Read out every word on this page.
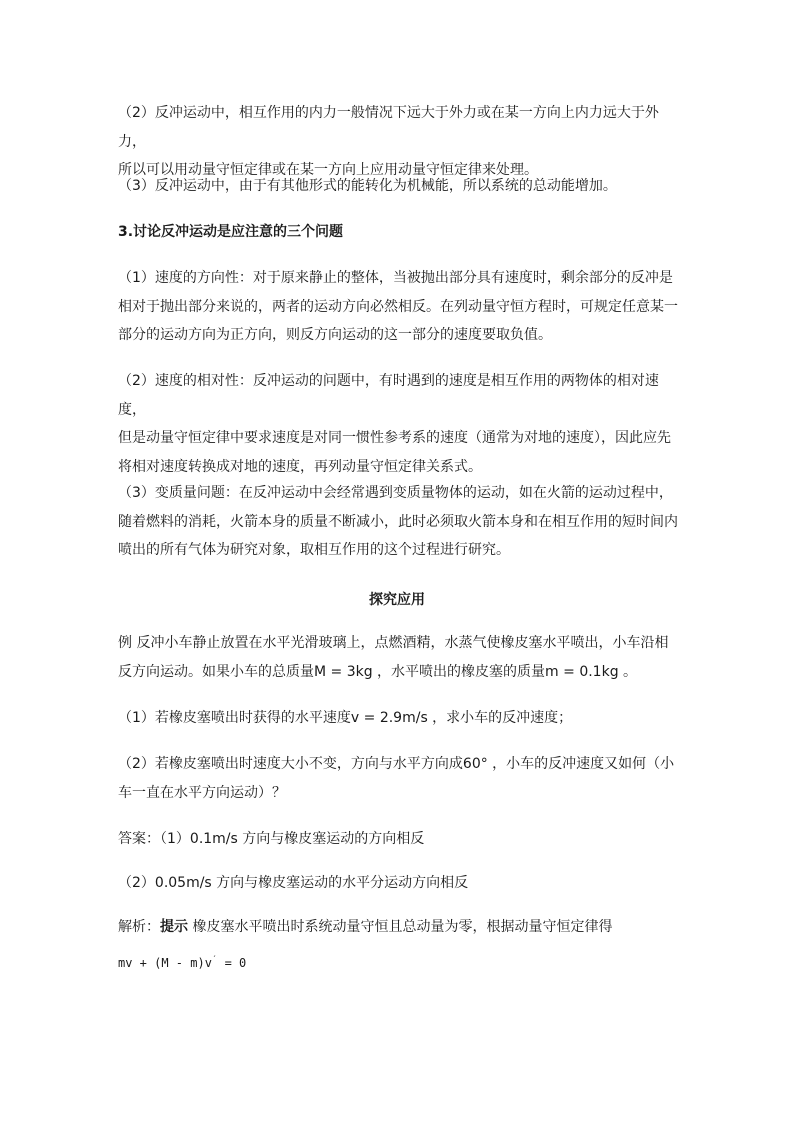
（2）反冲运动中，相互作用的内力一般情况下远大于外力或在某一方向上内力远大于外力，
所以可以用动量守恒定律或在某一方向上应用动量守恒定律来处理。

（3）反冲运动中，由于有其他形式的能转化为机械能，所以系统的总动能增加。

3.讨论反冲运动是应注意的三个问题

（1）速度的方向性：对于原来静止的整体，当被抛出部分具有速度时，剩余部分的反冲是
相对于抛出部分来说的，两者的运动方向必然相反。在列动量守恒方程时，可规定任意某一
部分的运动方向为正方向，则反方向运动的这一部分的速度要取负值。

（2）速度的相对性：反冲运动的问题中，有时遇到的速度是相互作用的两物体的相对速度，
但是动量守恒定律中要求速度是对同一惯性参考系的速度（通常为对地的速度），因此应先
将相对速度转换成对地的速度，再列动量守恒定律关系式。

（3）变质量问题：在反冲运动中会经常遇到变质量物体的运动，如在火箭的运动过程中，
随着燃料的消耗，火箭本身的质量不断减小，此时必须取火箭本身和在相互作用的短时间内
喷出的所有气体为研究对象，取相互作用的这个过程进行研究。

探究应用

例 反冲小车静止放置在水平光滑玻璃上，点燃酒精，水蒸气使橡皮塞水平喷出，小车沿相
反方向运动。如果小车的总质量M = 3kg ，水平喷出的橡皮塞的质量m = 0.1kg 。

（1）若橡皮塞喷出时获得的水平速度v = 2.9m/s ，求小车的反冲速度；

（2）若橡皮塞喷出时速度大小不变，方向与水平方向成60° ，小车的反冲速度又如何（小
车一直在水平方向运动）？

答案：（1）0.1m/s 方向与橡皮塞运动的方向相反

（2）0.05m/s 方向与橡皮塞运动的水平分运动方向相反

解析：提示 橡皮塞水平喷出时系统动量守恒且总动量为零，根据动量守恒定律得

mv + (M - m)v′ = 0
